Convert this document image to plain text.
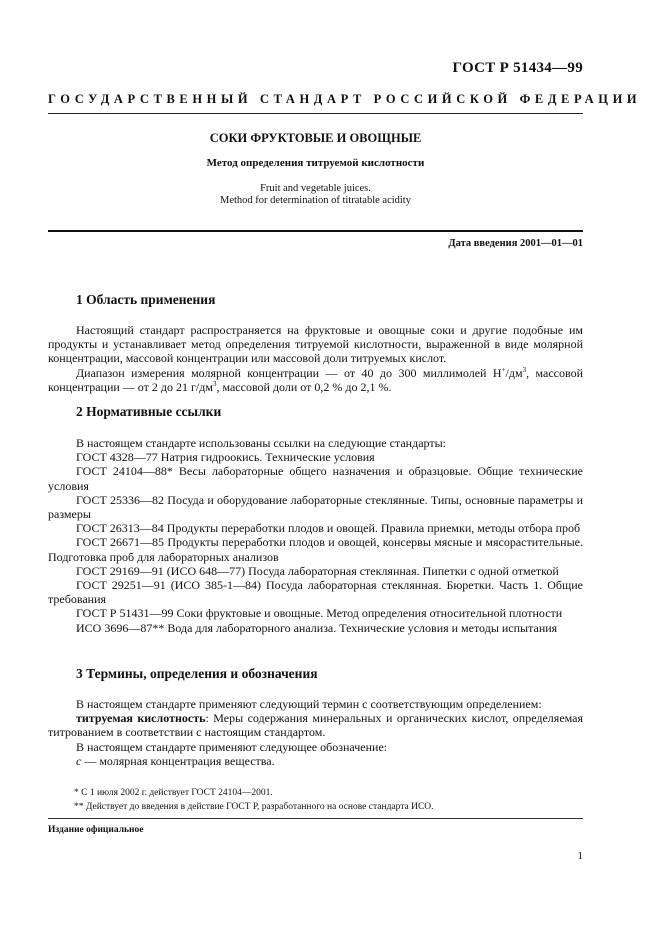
ГОСТ Р 51434—99
ГОСУДАРСТВЕННЫЙ СТАНДАРТ РОССИЙСКОЙ ФЕДЕРАЦИИ
СОКИ ФРУКТОВЫЕ И ОВОЩНЫЕ
Метод определения титруемой кислотности
Fruit and vegetable juices.
Method for determination of titratable acidity
Дата введения 2001—01—01
1 Область применения
Настоящий стандарт распространяется на фруктовые и овощные соки и другие подобные им продукты и устанавливает метод определения титруемой кислотности, выраженной в виде молярной концентрации, массовой концентрации или массовой доли титруемых кислот.
Диапазон измерения молярной концентрации — от 40 до 300 миллимолей $Н^+/дм^3$, массовой концентрации — от 2 до 21 $г/дм^3$, массовой доли от 0,2 % до 2,1 %.
2 Нормативные ссылки
В настоящем стандарте использованы ссылки на следующие стандарты:
ГОСТ 4328—77 Натрия гидроокись. Технические условия
ГОСТ 24104—88* Весы лабораторные общего назначения и образцовые. Общие технические условия
ГОСТ 25336—82 Посуда и оборудование лабораторные стеклянные. Типы, основные параметры и размеры
ГОСТ 26313—84 Продукты переработки плодов и овощей. Правила приемки, методы отбора проб
ГОСТ 26671—85 Продукты переработки плодов и овощей, консервы мясные и мясорастительные. Подготовка проб для лабораторных анализов
ГОСТ 29169—91 (ИСО 648—77) Посуда лабораторная стеклянная. Пипетки с одной отметкой
ГОСТ 29251—91 (ИСО 385-1—84) Посуда лабораторная стеклянная. Бюретки. Часть 1. Общие требования
ГОСТ Р 51431—99 Соки фруктовые и овощные. Метод определения относительной плотности
ИСО 3696—87** Вода для лабораторного анализа. Технические условия и методы испытания
3 Термины, определения и обозначения
В настоящем стандарте применяют следующий термин с соответствующим определением:
титруемая кислотность: Меры содержания минеральных и органических кислот, определяемая титрованием в соответствии с настоящим стандартом.
В настоящем стандарте применяют следующее обозначение:
с — молярная концентрация вещества.
* С 1 июля 2002 г. действует ГОСТ 24104—2001.
** Действует до введения в действие ГОСТ Р, разработанного на основе стандарта ИСО.
Издание официальное
1
